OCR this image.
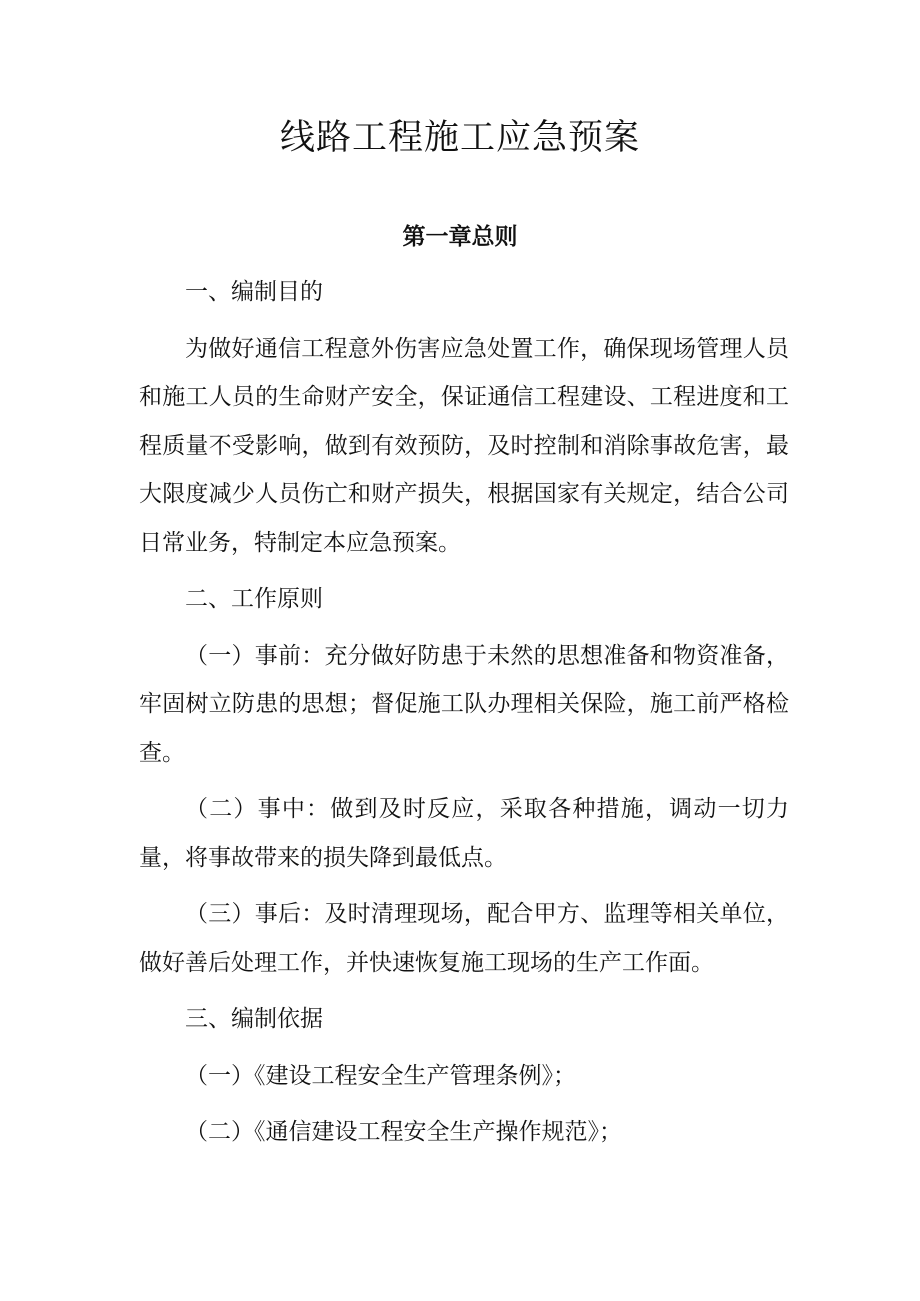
线路工程施工应急预案
第一章总则

一、编制目的

为做好通信工程意外伤害应急处置工作，确保现场管理人员和施工人员的生命财产安全，保证通信工程建设、工程进度和工程质量不受影响，做到有效预防，及时控制和消除事故危害，最大限度减少人员伤亡和财产损失，根据国家有关规定，结合公司日常业务，特制定本应急预案。

二、工作原则

（一）事前：充分做好防患于未然的思想准备和物资准备，牢固树立防患的思想；督促施工队办理相关保险，施工前严格检查。

（二）事中：做到及时反应，采取各种措施，调动一切力量，将事故带来的损失降到最低点。

（三）事后：及时清理现场，配合甲方、监理等相关单位，做好善后处理工作，并快速恢复施工现场的生产工作面。

三、编制依据

（一）《建设工程安全生产管理条例》；

（二）《通信建设工程安全生产操作规范》；
